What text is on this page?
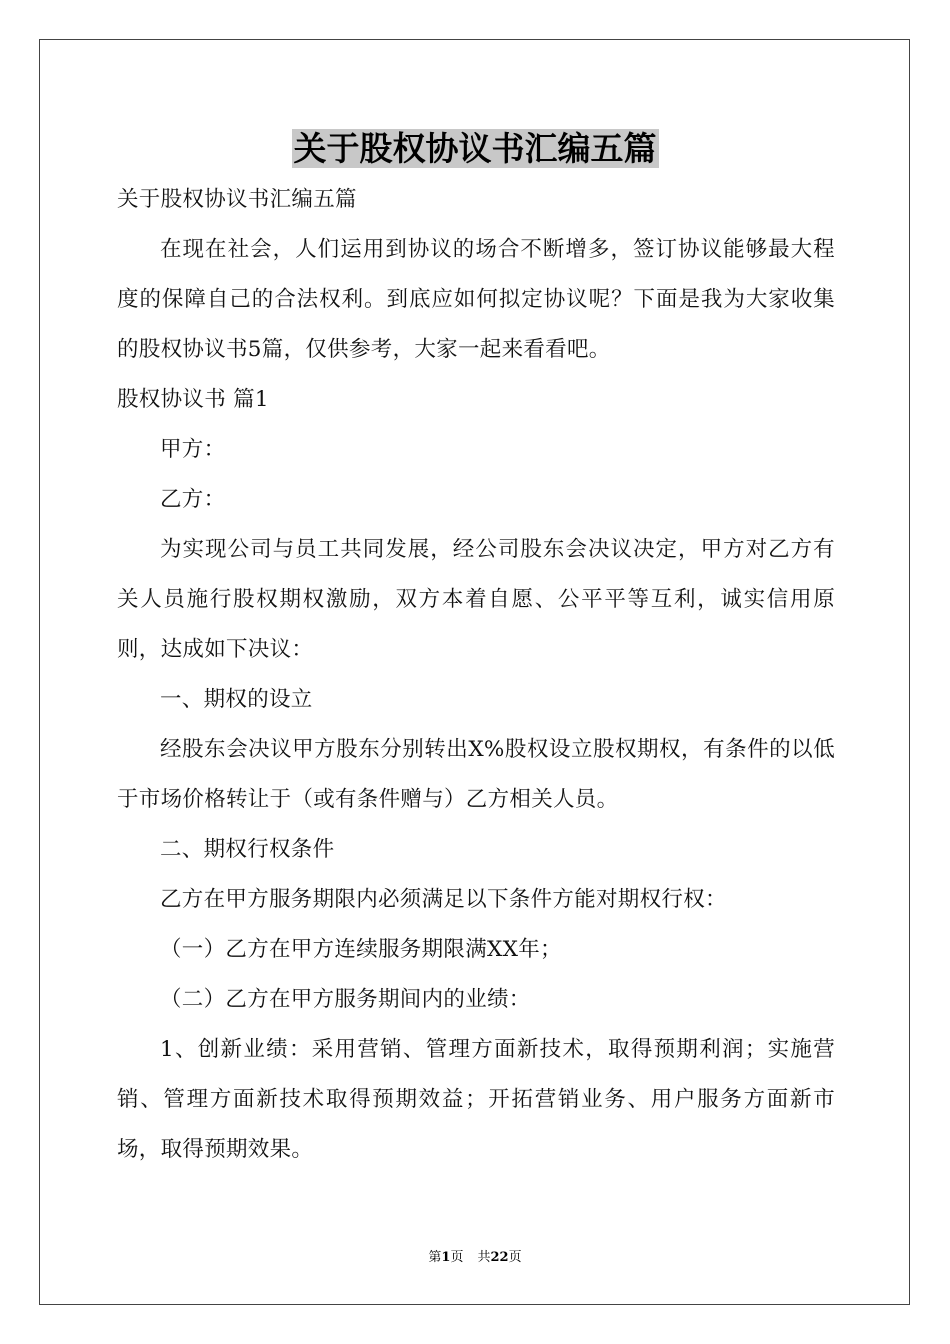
关于股权协议书汇编五篇

关于股权协议书汇编五篇

在现在社会，人们运用到协议的场合不断增多，签订协议能够最大程度的保障自己的合法权利。到底应如何拟定协议呢？下面是我为大家收集的股权协议书5篇，仅供参考，大家一起来看看吧。

股权协议书 篇1

甲方：

乙方：

为实现公司与员工共同发展，经公司股东会决议决定，甲方对乙方有关人员施行股权期权激励，双方本着自愿、公平平等互利，诚实信用原则，达成如下决议：

一、期权的设立

经股东会决议甲方股东分别转出X%股权设立股权期权，有条件的以低于市场价格转让于（或有条件赠与）乙方相关人员。

二、期权行权条件

乙方在甲方服务期限内必须满足以下条件方能对期权行权：

（一）乙方在甲方连续服务期限满XX年；

（二）乙方在甲方服务期间内的业绩：

1、创新业绩：采用营销、管理方面新技术，取得预期利润；实施营销、管理方面新技术取得预期效益；开拓营销业务、用户服务方面新市场，取得预期效果。

第1页 共22页
